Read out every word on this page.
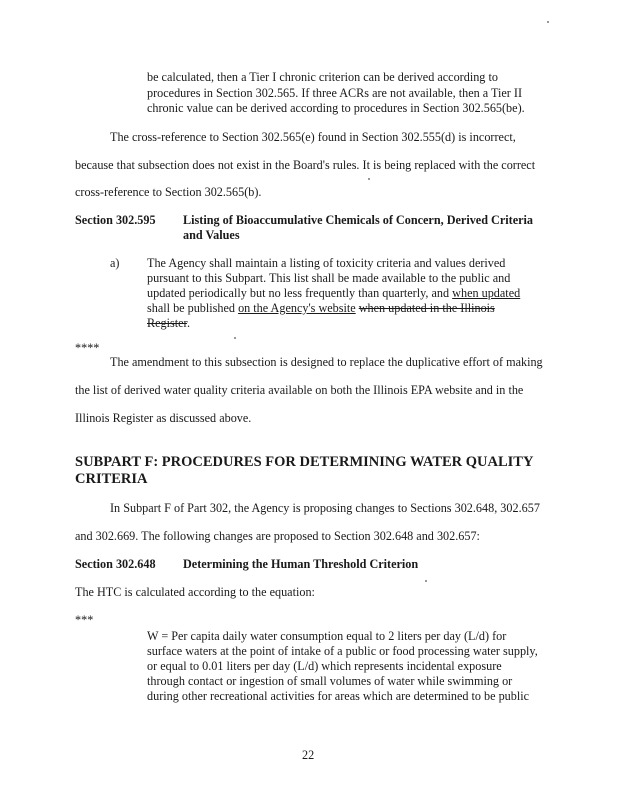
be calculated, then a Tier I chronic criterion can be derived according to
procedures in Section 302.565. If three ACRs are not available, then a Tier II
chronic value can be derived according to procedures in Section 302.565(be).
The cross-reference to Section 302.565(e) found in Section 302.555(d) is incorrect,
because that subsection does not exist in the Board's rules. It is being replaced with the correct
cross-reference to Section 302.565(b).
Section 302.595 Listing of Bioaccumulative Chemicals of Concern, Derived Criteria
and Values
a) The Agency shall maintain a listing of toxicity criteria and values derived
pursuant to this Subpart. This list shall be made available to the public and
updated periodically but no less frequently than quarterly, and when updated
shall be published on the Agency's website when updated in the Illinois
Register.
****
The amendment to this subsection is designed to replace the duplicative effort of making
the list of derived water quality criteria available on both the Illinois EPA website and in the
Illinois Register as discussed above.
SUBPART F: PROCEDURES FOR DETERMINING WATER QUALITY
CRITERIA
In Subpart F of Part 302, the Agency is proposing changes to Sections 302.648, 302.657
and 302.669. The following changes are proposed to Section 302.648 and 302.657:
Section 302.648 Determining the Human Threshold Criterion
The HTC is calculated according to the equation:
***
W = Per capita daily water consumption equal to 2 liters per day (L/d) for
surface waters at the point of intake of a public or food processing water supply,
or equal to 0.01 liters per day (L/d) which represents incidental exposure
through contact or ingestion of small volumes of water while swimming or
during other recreational activities for areas which are determined to be public
22
